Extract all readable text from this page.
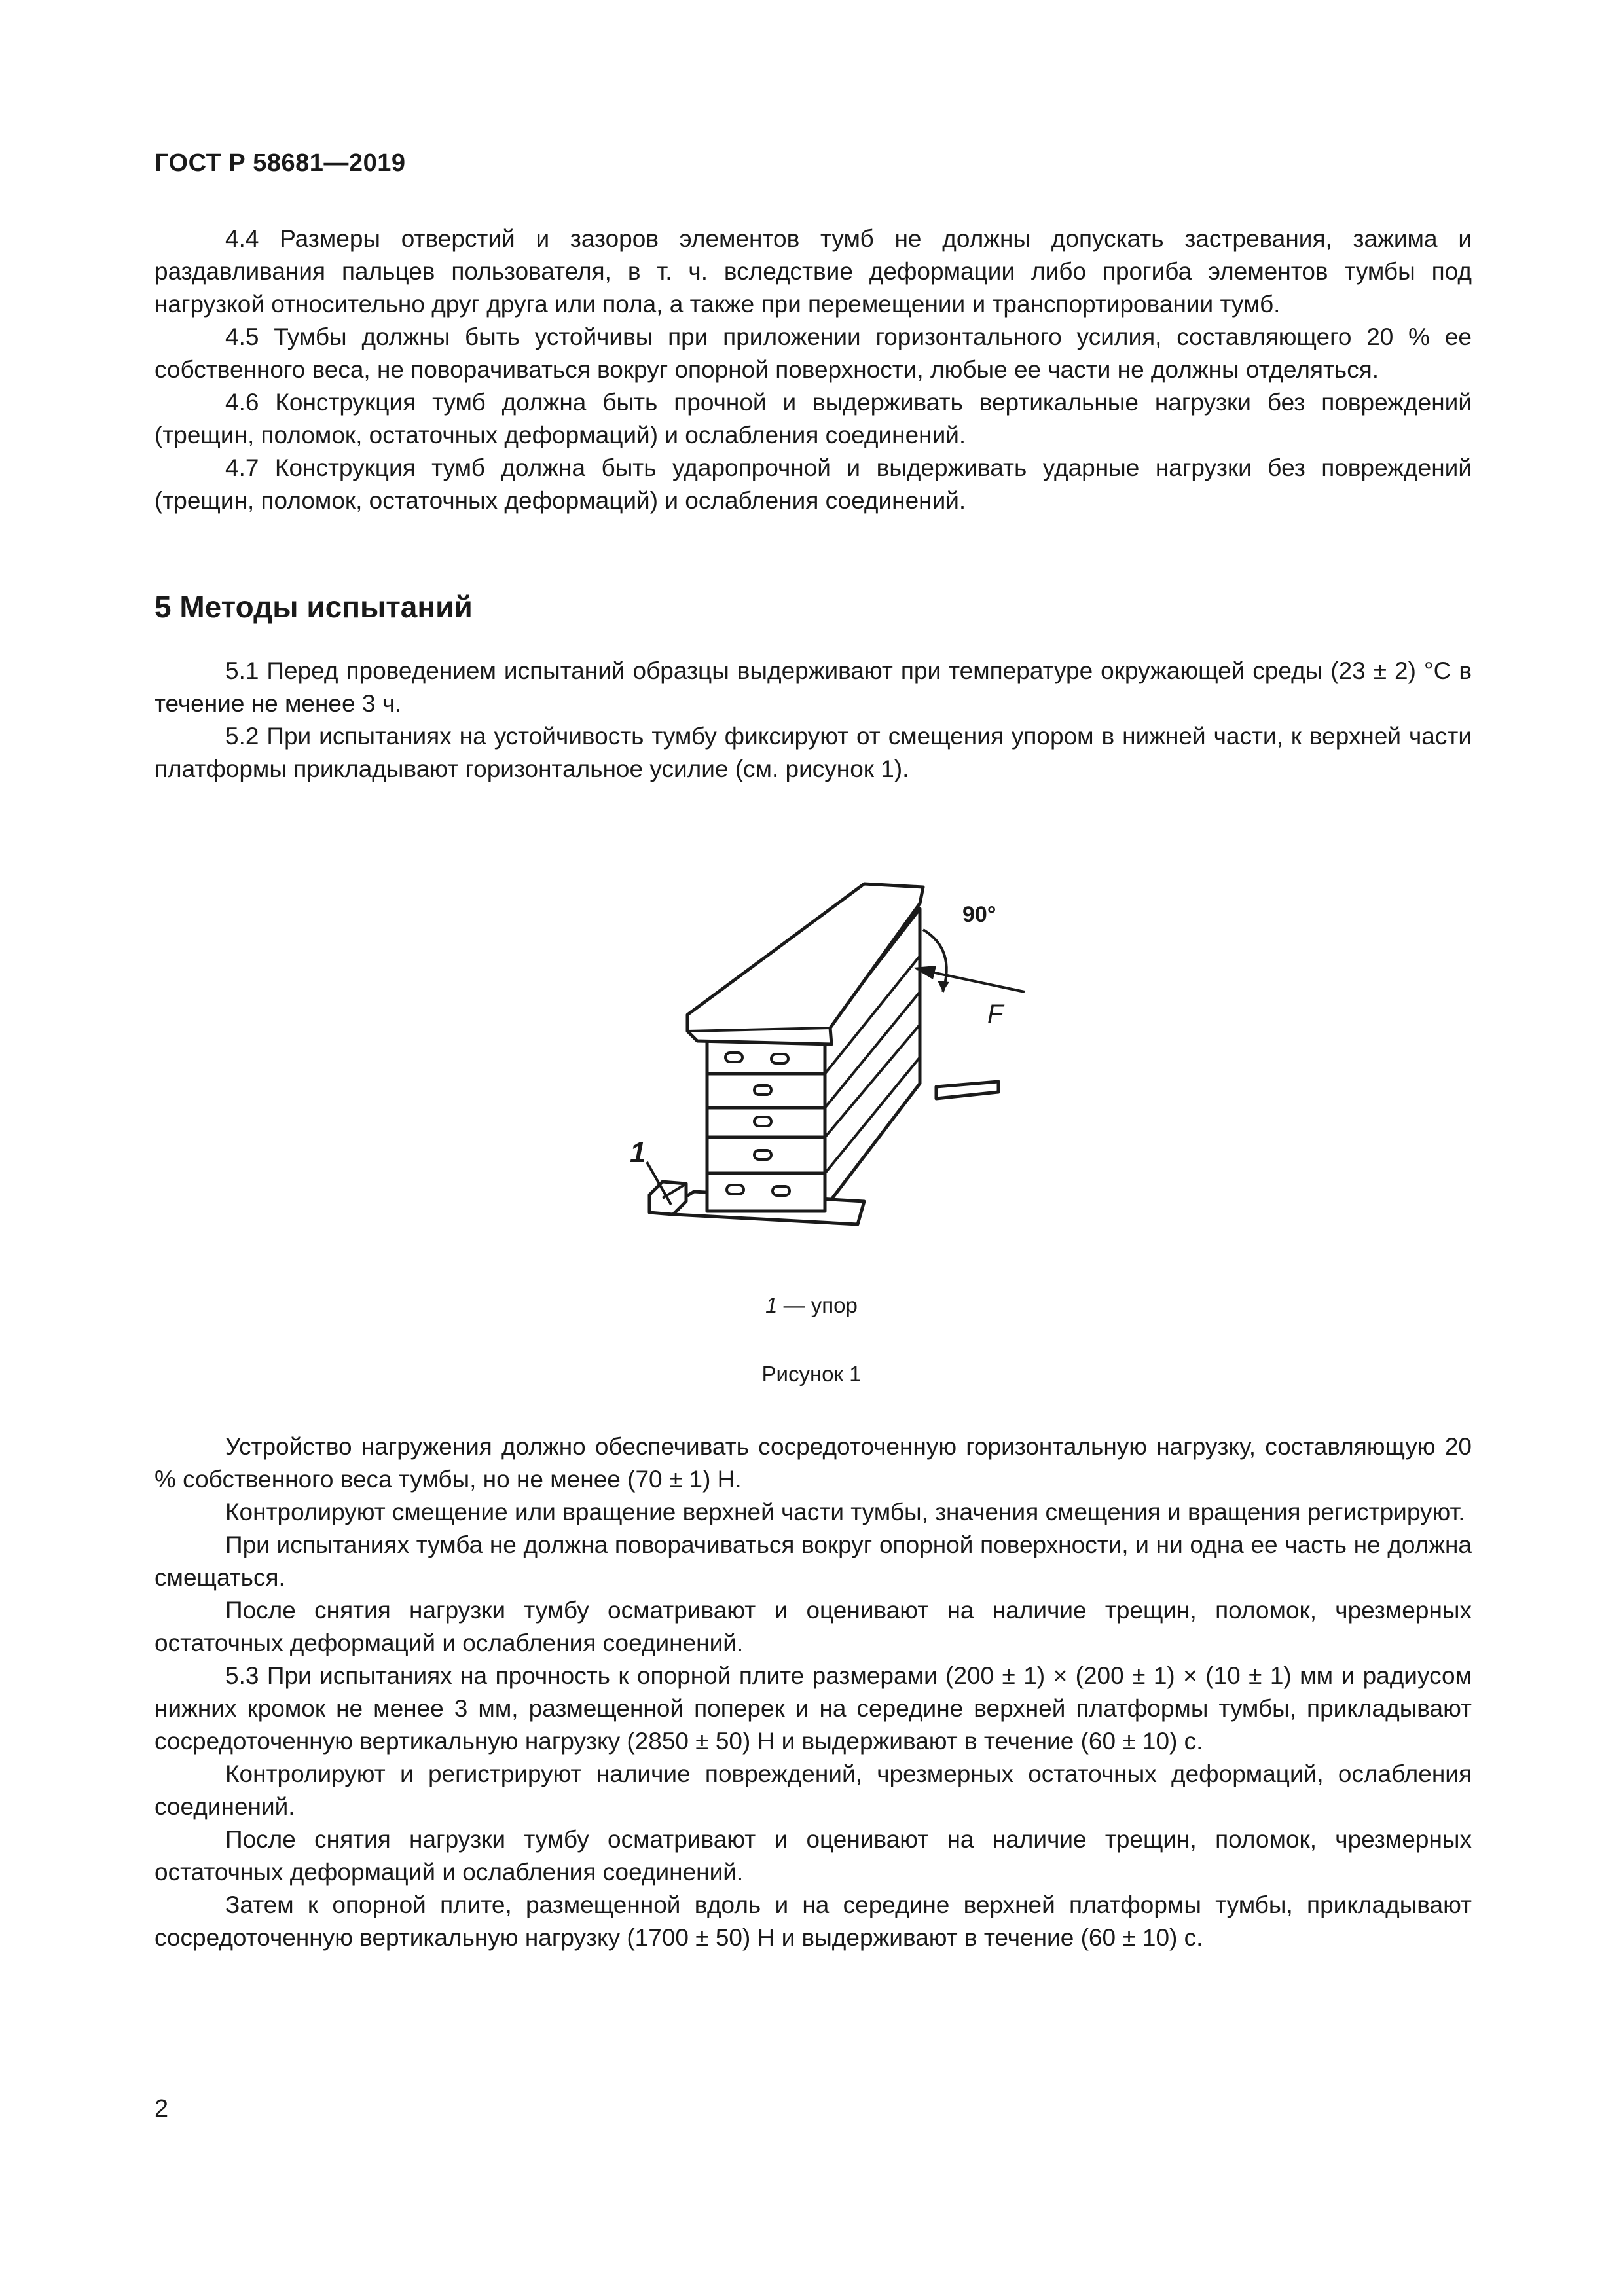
ГОСТ Р 58681—2019

4.4 Размеры отверстий и зазоров элементов тумб не должны допускать застревания, зажима и раздавливания пальцев пользователя, в т. ч. вследствие деформации либо прогиба элементов тумбы под нагрузкой относительно друг друга или пола, а также при перемещении и транспортировании тумб.

4.5 Тумбы должны быть устойчивы при приложении горизонтального усилия, составляющего 20 % ее собственного веса, не поворачиваться вокруг опорной поверхности, любые ее части не должны отделяться.

4.6 Конструкция тумб должна быть прочной и выдерживать вертикальные нагрузки без повреждений (трещин, поломок, остаточных деформаций) и ослабления соединений.

4.7 Конструкция тумб должна быть ударопрочной и выдерживать ударные нагрузки без повреждений (трещин, поломок, остаточных деформаций) и ослабления соединений.

5 Методы испытаний

5.1 Перед проведением испытаний образцы выдерживают при температуре окружающей среды (23 ± 2) °С в течение не менее 3 ч.

5.2 При испытаниях на устойчивость тумбу фиксируют от смещения упором в нижней части, к верхней части платформы прикладывают горизонтальное усилие (см. рисунок 1).

90°
F
1
1 — упор
Рисунок 1

Устройство нагружения должно обеспечивать сосредоточенную горизонтальную нагрузку, составляющую 20 % собственного веса тумбы, но не менее (70 ± 1) Н.

Контролируют смещение или вращение верхней части тумбы, значения смещения и вращения регистрируют.

При испытаниях тумба не должна поворачиваться вокруг опорной поверхности, и ни одна ее часть не должна смещаться.

После снятия нагрузки тумбу осматривают и оценивают на наличие трещин, поломок, чрезмерных остаточных деформаций и ослабления соединений.

5.3 При испытаниях на прочность к опорной плите размерами (200 ± 1) × (200 ± 1) × (10 ± 1) мм и радиусом нижних кромок не менее 3 мм, размещенной поперек и на середине верхней платформы тумбы, прикладывают сосредоточенную вертикальную нагрузку (2850 ± 50) Н и выдерживают в течение (60 ± 10) с.

Контролируют и регистрируют наличие повреждений, чрезмерных остаточных деформаций, ослабления соединений.

После снятия нагрузки тумбу осматривают и оценивают на наличие трещин, поломок, чрезмерных остаточных деформаций и ослабления соединений.

Затем к опорной плите, размещенной вдоль и на середине верхней платформы тумбы, прикладывают сосредоточенную вертикальную нагрузку (1700 ± 50) Н и выдерживают в течение (60 ± 10) с.

2
